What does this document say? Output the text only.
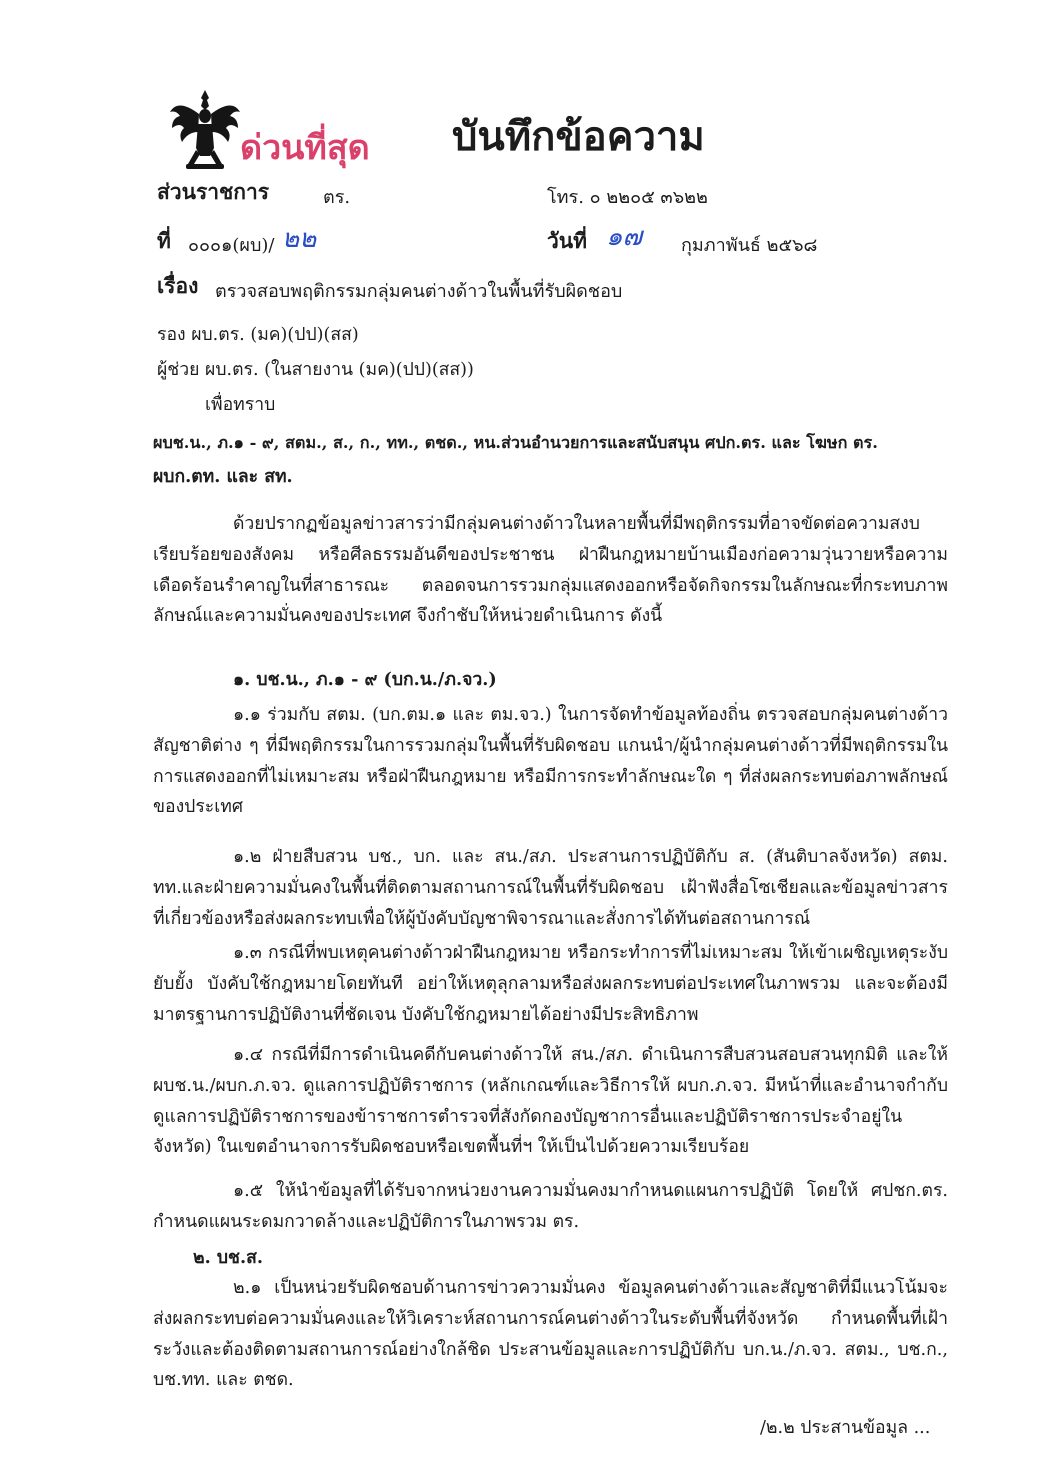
ด่วนที่สุด บันทึกข้อความ
ส่วนราชการ	ตร.	โทร. ๐ ๒๒๐๕ ๓๖๒๒
ที่ ๐๐๐๑(ผบ)/ ๒๒	วันที่ ๑๗ กุมภาพันธ์ ๒๕๖๘
เรื่อง ตรวจสอบพฤติกรรมกลุ่มคนต่างด้าวในพื้นที่รับผิดชอบ
รอง ผบ.ตร. (มค)(ปป)(สส)
ผู้ช่วย ผบ.ตร. (ในสายงาน (มค)(ปป)(สส))
เพื่อทราบ
ผบช.น., ภ.๑ - ๙, สตม., ส., ก., ทท., ตชด., หน.ส่วนอำนวยการและสนับสนุน ศปก.ตร. และ โฆษก ตร.
ผบก.ตท. และ สท.
ด้วยปรากฏข้อมูลข่าวสารว่ามีกลุ่มคนต่างด้าวในหลายพื้นที่มีพฤติกรรมที่อาจขัดต่อความสงบเรียบร้อยของสังคม หรือศีลธรรมอันดีของประชาชน ฝ่าฝืนกฎหมายบ้านเมืองก่อความวุ่นวายหรือความเดือดร้อนรำคาญในที่สาธารณะ ตลอดจนการรวมกลุ่มแสดงออกหรือจัดกิจกรรมในลักษณะที่กระทบภาพลักษณ์และความมั่นคงของประเทศ จึงกำชับให้หน่วยดำเนินการ ดังนี้
๑. บช.น., ภ.๑ - ๙ (บก.น./ภ.จว.)
๑.๑ ร่วมกับ สตม. (บก.ตม.๑ และ ตม.จว.) ในการจัดทำข้อมูลท้องถิ่น ตรวจสอบกลุ่มคนต่างด้าวสัญชาติต่าง ๆ ที่มีพฤติกรรมในการรวมกลุ่มในพื้นที่รับผิดชอบ แกนนำ/ผู้นำกลุ่มคนต่างด้าวที่มีพฤติกรรมในการแสดงออกที่ไม่เหมาะสม หรือฝ่าฝืนกฎหมาย หรือมีการกระทำลักษณะใด ๆ ที่ส่งผลกระทบต่อภาพลักษณ์ของประเทศ
๑.๒ ฝ่ายสืบสวน บช., บก. และ สน./สภ. ประสานการปฏิบัติกับ ส. (สันติบาลจังหวัด) สตม. ทท.และฝ่ายความมั่นคงในพื้นที่ติดตามสถานการณ์ในพื้นที่รับผิดชอบ เฝ้าฟังสื่อโซเชียลและข้อมูลข่าวสารที่เกี่ยวข้องหรือส่งผลกระทบเพื่อให้ผู้บังคับบัญชาพิจารณาและสั่งการได้ทันต่อสถานการณ์
๑.๓ กรณีที่พบเหตุคนต่างด้าวฝ่าฝืนกฎหมาย หรือกระทำการที่ไม่เหมาะสม ให้เข้าเผชิญเหตุระงับ ยับยั้ง บังคับใช้กฎหมายโดยทันที อย่าให้เหตุลุกลามหรือส่งผลกระทบต่อประเทศในภาพรวม และจะต้องมีมาตรฐานการปฏิบัติงานที่ชัดเจน บังคับใช้กฎหมายได้อย่างมีประสิทธิภาพ
๑.๔ กรณีที่มีการดำเนินคดีกับคนต่างด้าวให้ สน./สภ. ดำเนินการสืบสวนสอบสวนทุกมิติ และให้ ผบช.น./ผบก.ภ.จว. ดูแลการปฏิบัติราชการ (หลักเกณฑ์และวิธีการให้ ผบก.ภ.จว. มีหน้าที่และอำนาจกำกับดูแลการปฏิบัติราชการของข้าราชการตำรวจที่สังกัดกองบัญชาการอื่นและปฏิบัติราชการประจำอยู่ในจังหวัด) ในเขตอำนาจการรับผิดชอบหรือเขตพื้นที่ฯ ให้เป็นไปด้วยความเรียบร้อย
๑.๕ ให้นำข้อมูลที่ได้รับจากหน่วยงานความมั่นคงมากำหนดแผนการปฏิบัติ โดยให้ ศปชก.ตร. กำหนดแผนระดมกวาดล้างและปฏิบัติการในภาพรวม ตร.
๒. บช.ส.
๒.๑ เป็นหน่วยรับผิดชอบด้านการข่าวความมั่นคง ข้อมูลคนต่างด้าวและสัญชาติที่มีแนวโน้มจะส่งผลกระทบต่อความมั่นคงและให้วิเคราะห์สถานการณ์คนต่างด้าวในระดับพื้นที่จังหวัด กำหนดพื้นที่เฝ้าระวังและต้องติดตามสถานการณ์อย่างใกล้ชิด ประสานข้อมูลและการปฏิบัติกับ บก.น./ภ.จว. สตม., บช.ก., บช.ทท. และ ตชด.
/๒.๒ ประสานข้อมูล ...
